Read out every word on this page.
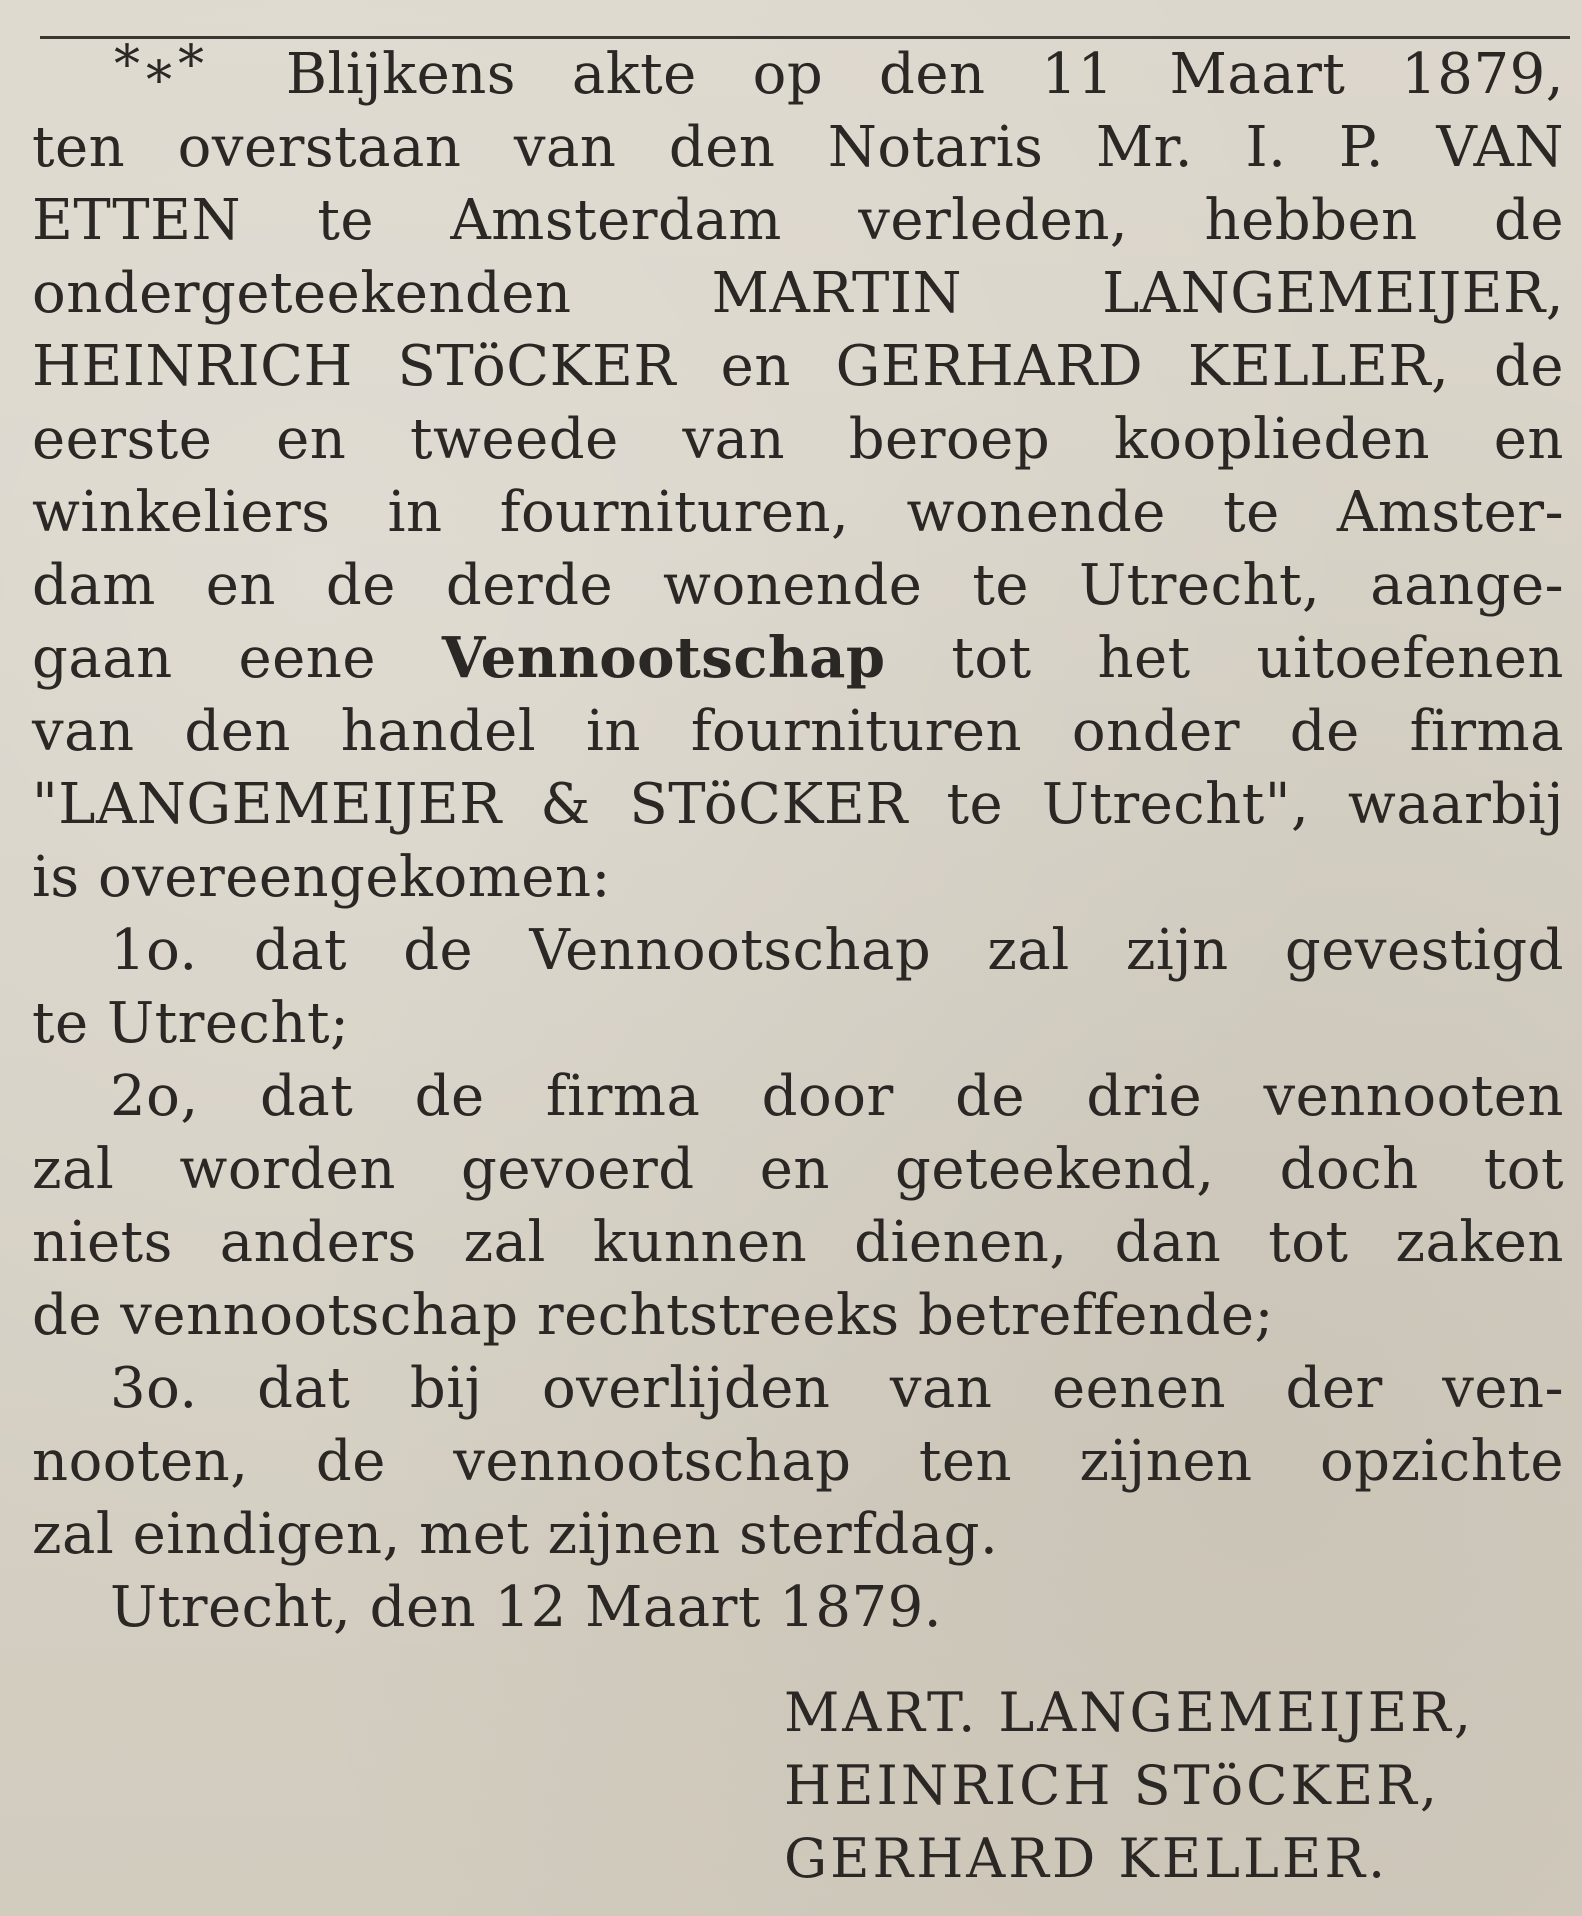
* * * Blijkens akte op den 11 Maart 1879,
ten overstaan van den Notaris Mr. I. P. VAN
ETTEN te Amsterdam verleden, hebben de
ondergeteekenden MARTIN LANGEMEIJER,
HEINRICH STöCKER en GERHARD KELLER, de
eerste en tweede van beroep kooplieden en
winkeliers in fournituren, wonende te Amster-
dam en de derde wonende te Utrecht, aange-
gaan eene Vennootschap tot het uitoefenen
van den handel in fournituren onder de firma
"LANGEMEIJER & STöCKER te Utrecht", waarbij
is overeengekomen:
1o. dat de Vennootschap zal zijn gevestigd
te Utrecht;
2o, dat de firma door de drie vennooten
zal worden gevoerd en geteekend, doch tot
niets anders zal kunnen dienen, dan tot zaken
de vennootschap rechtstreeks betreffende;
3o. dat bij overlijden van eenen der ven-
nooten, de vennootschap ten zijnen opzichte
zal eindigen, met zijnen sterfdag.
Utrecht, den 12 Maart 1879.
MART. LANGEMEIJER,
HEINRICH STöCKER,
GERHARD KELLER.
